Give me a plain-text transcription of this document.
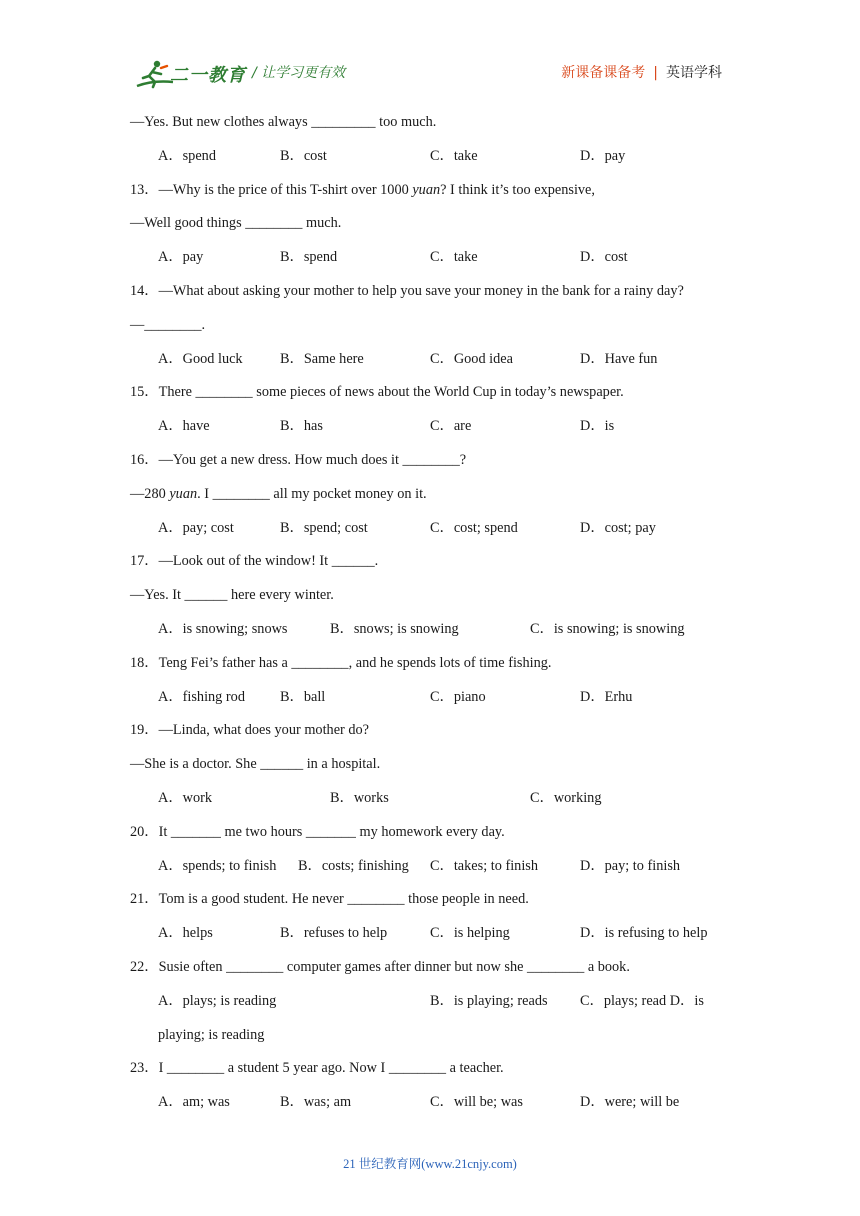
二一教育 / 让学习更有效	新课备课备考 | 英语学科
—Yes. But new clothes always _________ too much.
A．spend	B．cost	C．take	D．pay
13．—Why is the price of this T-shirt over 1000 yuan? I think it’s too expensive,
—Well good things ________ much.
A．pay	B．spend	C．take	D．cost
14．—What about asking your mother to help you save your money in the bank for a rainy day?
—________.
A．Good luck	B．Same here	C．Good idea	D．Have fun
15．There ________ some pieces of news about the World Cup in today’s newspaper.
A．have	B．has	C．are	D．is
16．—You get a new dress. How much does it ________?
—280 yuan. I ________ all my pocket money on it.
A．pay; cost	B．spend; cost	C．cost; spend	D．cost; pay
17．—Look out of the window! It ______.
—Yes. It ______ here every winter.
A．is snowing; snows	B．snows; is snowing	C．is snowing; is snowing
18．Teng Fei’s father has a ________, and he spends lots of time fishing.
A．fishing rod B．ball	C．piano	D．Erhu
19．—Linda, what does your mother do?
—She is a doctor. She ______ in a hospital.
A．work	B．works	C．working
20．It _______ me two hours _______ my homework every day.
A．spends; to finish B．costs; finishing C．takes; to finish	D．pay; to finish
21．Tom is a good student. He never ________ those people in need.
A．helps	B．refuses to help	C．is helping	D．is refusing to help
22．Susie often ________ computer games after dinner but now she ________ a book.
A．plays; is reading	B．is playing; reads C．plays; read D．is
playing; is reading
23．I ________ a student 5 year ago. Now I ________ a teacher.
A．am; was	B．was; am	C．will be; was	D．were; will be
21 世纪教育网(www.21cnjy.com)
